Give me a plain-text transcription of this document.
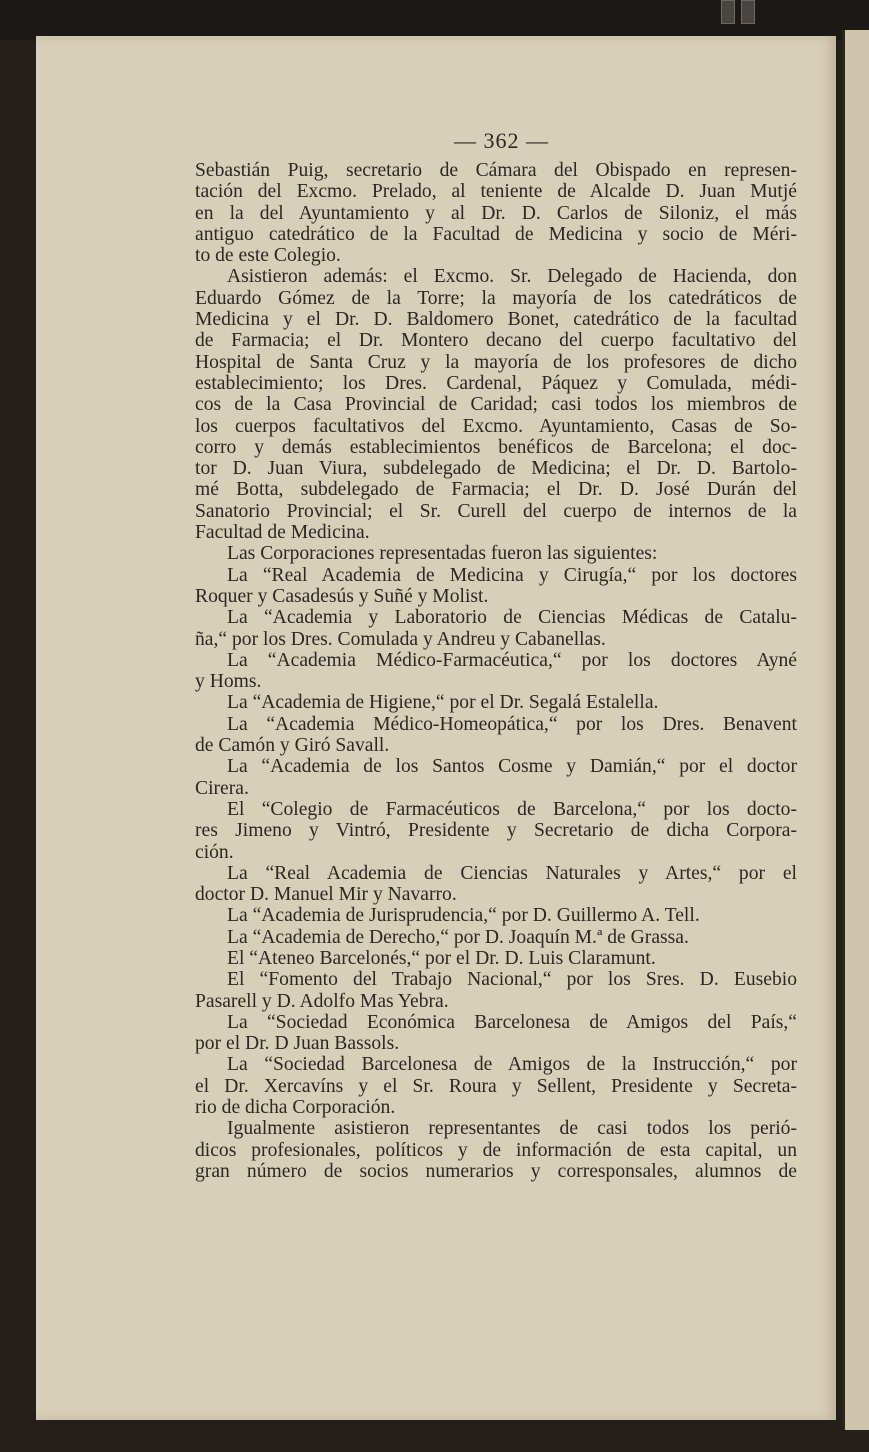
— 362 —
Sebastián Puig, secretario de Cámara del Obispado en represen-
tación del Excmo. Prelado, al teniente de Alcalde D. Juan Mutjé
en la del Ayuntamiento y al Dr. D. Carlos de Siloniz, el más
antiguo catedrático de la Facultad de Medicina y socio de Méri-
to de este Colegio.
Asistieron además: el Excmo. Sr. Delegado de Hacienda, don
Eduardo Gómez de la Torre; la mayoría de los catedráticos de
Medicina y el Dr. D. Baldomero Bonet, catedrático de la facultad
de Farmacia; el Dr. Montero decano del cuerpo facultativo del
Hospital de Santa Cruz y la mayoría de los profesores de dicho
establecimiento; los Dres. Cardenal, Páquez y Comulada, médi-
cos de la Casa Provincial de Caridad; casi todos los miembros de
los cuerpos facultativos del Excmo. Ayuntamiento, Casas de So-
corro y demás establecimientos benéficos de Barcelona; el doc-
tor D. Juan Viura, subdelegado de Medicina; el Dr. D. Bartolo-
mé Botta, subdelegado de Farmacia; el Dr. D. José Durán del
Sanatorio Provincial; el Sr. Curell del cuerpo de internos de la
Facultad de Medicina.
Las Corporaciones representadas fueron las siguientes:
La “Real Academia de Medicina y Cirugía,“ por los doctores
Roquer y Casadesús y Suñé y Molist.
La “Academia y Laboratorio de Ciencias Médicas de Catalu-
ña,“ por los Dres. Comulada y Andreu y Cabanellas.
La “Academia Médico-Farmacéutica,“ por los doctores Ayné
y Homs.
La “Academia de Higiene,“ por el Dr. Segalá Estalella.
La “Academia Médico-Homeopática,“ por los Dres. Benavent
de Camón y Giró Savall.
La “Academia de los Santos Cosme y Damián,“ por el doctor
Cirera.
El “Colegio de Farmacéuticos de Barcelona,“ por los docto-
res Jimeno y Vintró, Presidente y Secretario de dicha Corpora-
ción.
La “Real Academia de Ciencias Naturales y Artes,“ por el
doctor D. Manuel Mir y Navarro.
La “Academia de Jurisprudencia,“ por D. Guillermo A. Tell.
La “Academia de Derecho,“ por D. Joaquín M.ª de Grassa.
El “Ateneo Barcelonés,“ por el Dr. D. Luis Claramunt.
El “Fomento del Trabajo Nacional,“ por los Sres. D. Eusebio
Pasarell y D. Adolfo Mas Yebra.
La “Sociedad Económica Barcelonesa de Amigos del País,“
por el Dr. D Juan Bassols.
La “Sociedad Barcelonesa de Amigos de la Instrucción,“ por
el Dr. Xercavíns y el Sr. Roura y Sellent, Presidente y Secreta-
rio de dicha Corporación.
Igualmente asistieron representantes de casi todos los perió-
dicos profesionales, políticos y de información de esta capital, un
gran número de socios numerarios y corresponsales, alumnos de
